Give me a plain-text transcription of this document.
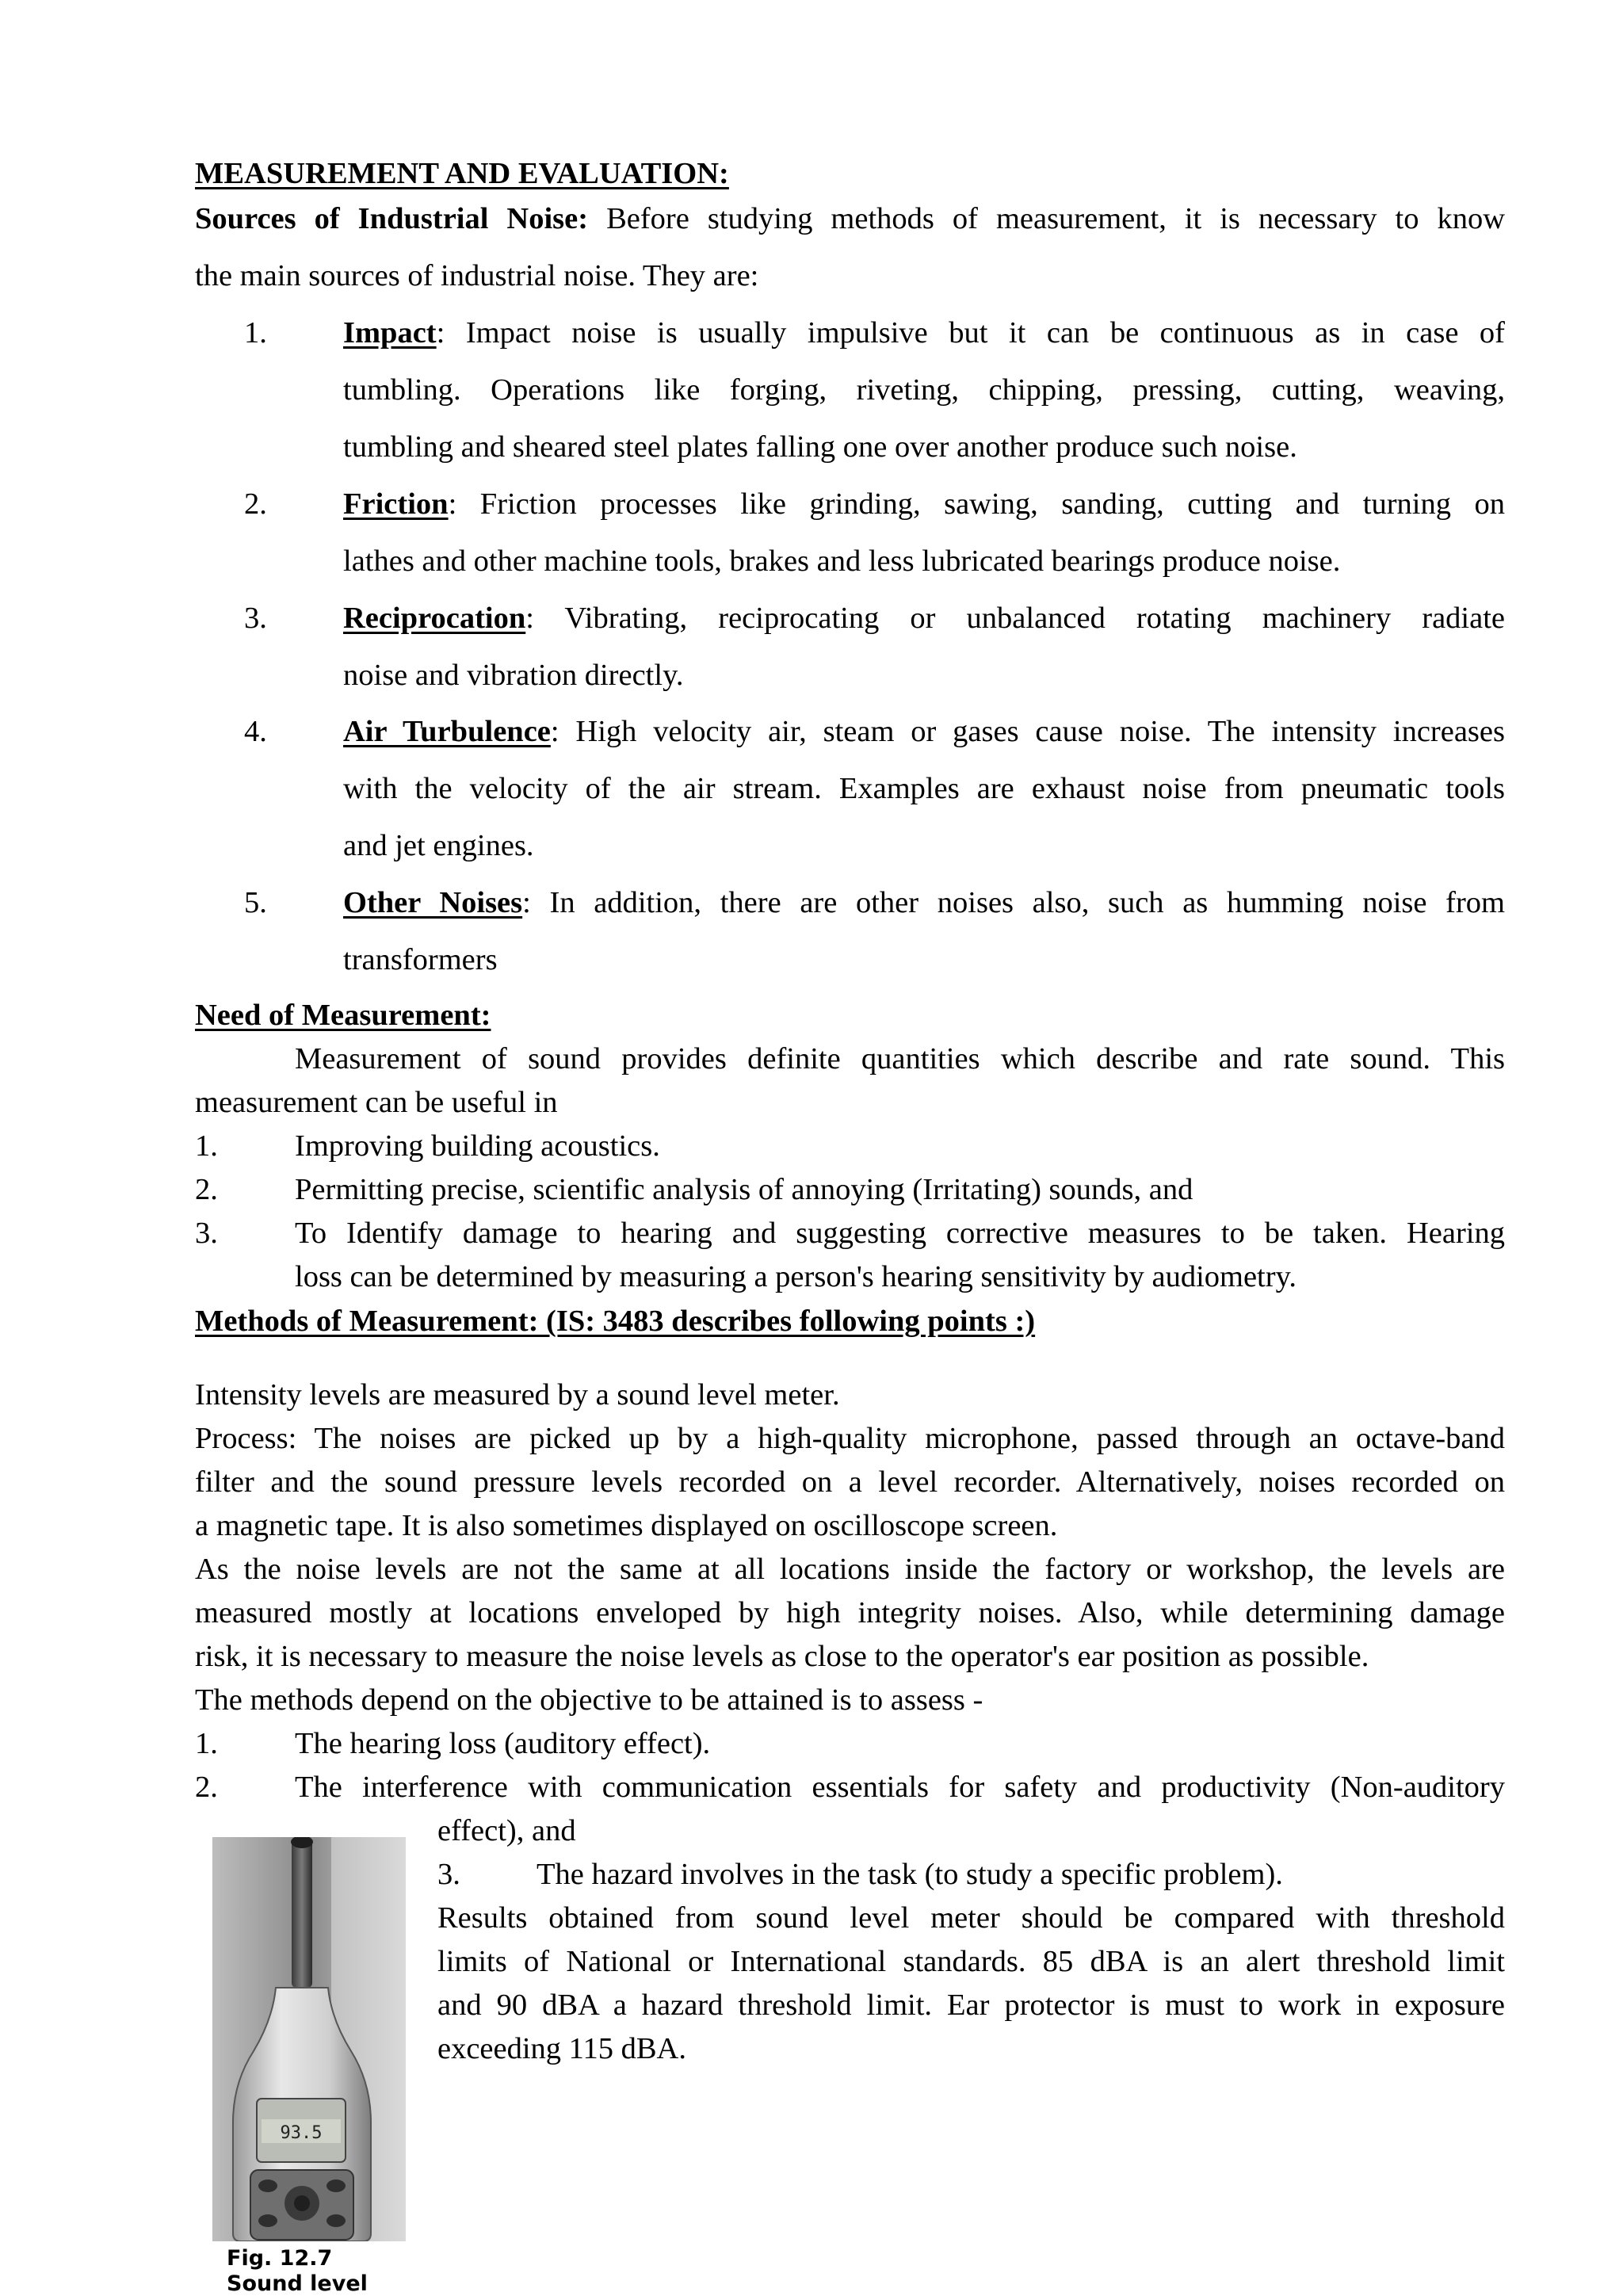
MEASUREMENT AND EVALUATION:
Sources of Industrial Noise: Before studying methods of measurement, it is necessary to know
the main sources of industrial noise. They are:
1. Impact: Impact noise is usually impulsive but it can be continuous as in case of
tumbling. Operations like forging, riveting, chipping, pressing, cutting, weaving,
tumbling and sheared steel plates falling one over another produce such noise.
2. Friction: Friction processes like grinding, sawing, sanding, cutting and turning on
lathes and other machine tools, brakes and less lubricated bearings produce noise.
3. Reciprocation: Vibrating, reciprocating or unbalanced rotating machinery radiate
noise and vibration directly.
4. Air Turbulence: High velocity air, steam or gases cause noise. The intensity increases
with the velocity of the air stream. Examples are exhaust noise from pneumatic tools
and jet engines.
5. Other Noises: In addition, there are other noises also, such as humming noise from
transformers
Need of Measurement:
Measurement of sound provides definite quantities which describe and rate sound. This
measurement can be useful in
1.	Improving building acoustics.
2.	Permitting precise, scientific analysis of annoying (Irritating) sounds, and
3.	To Identify damage to hearing and suggesting corrective measures to be taken. Hearing
loss can be determined by measuring a person's hearing sensitivity by audiometry.
Methods of Measurement: (IS: 3483 describes following points :)
Intensity levels are measured by a sound level meter.
Process: The noises are picked up by a high-quality microphone, passed through an octave-band
filter and the sound pressure levels recorded on a level recorder. Alternatively, noises recorded on
a magnetic tape. It is also sometimes displayed on oscilloscope screen.
As the noise levels are not the same at all locations inside the factory or workshop, the levels are
measured mostly at locations enveloped by high integrity noises. Also, while determining damage
risk, it is necessary to measure the noise levels as close to the operator's ear position as possible.
The methods depend on the objective to be attained is to assess -
1.	The hearing loss (auditory effect).
2.	The interference with communication essentials for safety and productivity (Non-auditory
effect), and
3. The hazard involves in the task (to study a specific problem).
Results obtained from sound level meter should be compared with threshold
limits of National or International standards. 85 dBA is an alert threshold limit
and 90 dBA a hazard threshold limit. Ear protector is must to work in exposure
exceeding 115 dBA.
93.5
Fig. 12.7
Sound level
